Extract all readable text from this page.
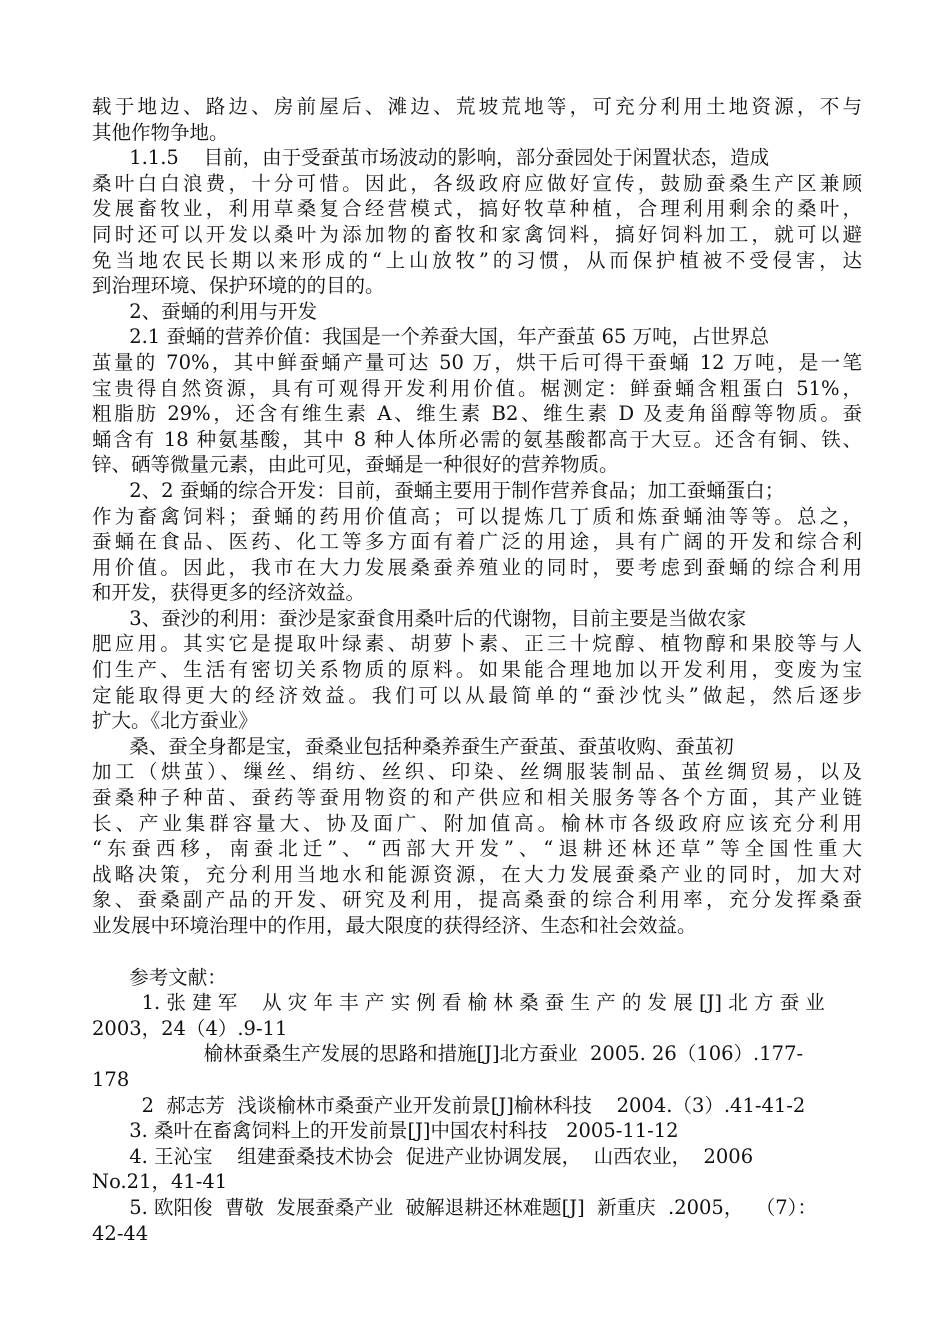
载于地边、路边、房前屋后、滩边、荒坡荒地等，可充分利用土地资源，不与
其他作物争地。
1.1.5    目前，由于受蚕茧市场波动的影响，部分蚕园处于闲置状态，造成
桑叶白白浪费，十分可惜。因此，各级政府应做好宣传，鼓励蚕桑生产区兼顾
发展畜牧业，利用草桑复合经营模式，搞好牧草种植，合理利用剩余的桑叶，
同时还可以开发以桑叶为添加物的畜牧和家禽饲料，搞好饲料加工，就可以避
免当地农民长期以来形成的“上山放牧”的习惯，从而保护植被不受侵害，达
到治理环境、保护环境的的目的。
2、蚕蛹的利用与开发
2.1 蚕蛹的营养价值：我国是一个养蚕大国，年产蚕茧 65 万吨，占世界总
茧量的 70%，其中鲜蚕蛹产量可达 50 万，烘干后可得干蚕蛹 12 万吨，是一笔
宝贵得自然资源，具有可观得开发利用价值。椐测定：鲜蚕蛹含粗蛋白 51%，
粗脂肪 29%，还含有维生素 A、维生素 B2、维生素 D 及麦角甾醇等物质。蚕
蛹含有 18 种氨基酸，其中 8 种人体所必需的氨基酸都高于大豆。还含有铜、铁、
锌、硒等微量元素，由此可见，蚕蛹是一种很好的营养物质。
2、2 蚕蛹的综合开发：目前，蚕蛹主要用于制作营养食品；加工蚕蛹蛋白；
作为畜禽饲料；蚕蛹的药用价值高；可以提炼几丁质和炼蚕蛹油等等。总之，
蚕蛹在食品、医药、化工等多方面有着广泛的用途，具有广阔的开发和综合利
用价值。因此，我市在大力发展桑蚕养殖业的同时，要考虑到蚕蛹的综合利用
和开发，获得更多的经济效益。
3、蚕沙的利用：蚕沙是家蚕食用桑叶后的代谢物，目前主要是当做农家
肥应用。其实它是提取叶绿素、胡萝卜素、正三十烷醇、植物醇和果胶等与人
们生产、生活有密切关系物质的原料。如果能合理地加以开发利用，变废为宝
定能取得更大的经济效益。我们可以从最简单的“蚕沙忱头”做起，然后逐步
扩大。《北方蚕业》
桑、蚕全身都是宝，蚕桑业包括种桑养蚕生产蚕茧、蚕茧收购、蚕茧初
加工（烘茧）、缫丝、绢纺、丝织、印染、丝绸服装制品、茧丝绸贸易，以及
蚕桑种子种苗、蚕药等蚕用物资的和产供应和相关服务等各个方面，其产业链
长、产业集群容量大、协及面广、附加值高。榆林市各级政府应该充分利用
“东蚕西移，南蚕北迁”、“西部大开发”、“退耕还林还草”等全国性重大
战略决策，充分利用当地水和能源资源，在大力发展蚕桑产业的同时，加大对
象、蚕桑副产品的开发、研究及利用，提高桑蚕的综合利用率，充分发挥桑蚕
业发展中环境治理中的作用，最大限度的获得经济、生态和社会效益。
参考文献：
1. 张 建 军    从 灾 年 丰 产 实 例 看 榆 林 桑 蚕 生 产 的 发 展 [J] 北 方 蚕 业
2003，24（4）.9-11
榆林蚕桑生产发展的思路和措施[J]北方蚕业  2005. 26（106）.177-
178
2  郝志芳  浅谈榆林市桑蚕产业开发前景[J]榆林科技    2004.（3）.41-41-2
3. 桑叶在畜禽饲料上的开发前景[J]中国农村科技   2005-11-12
4. 王沁宝    组建蚕桑技术协会  促进产业协调发展，  山西农业，  2006
No.21，41-41
5. 欧阳俊  曹敬  发展蚕桑产业  破解退耕还林难题[J]  新重庆  .2005，  （7）：
42-44
